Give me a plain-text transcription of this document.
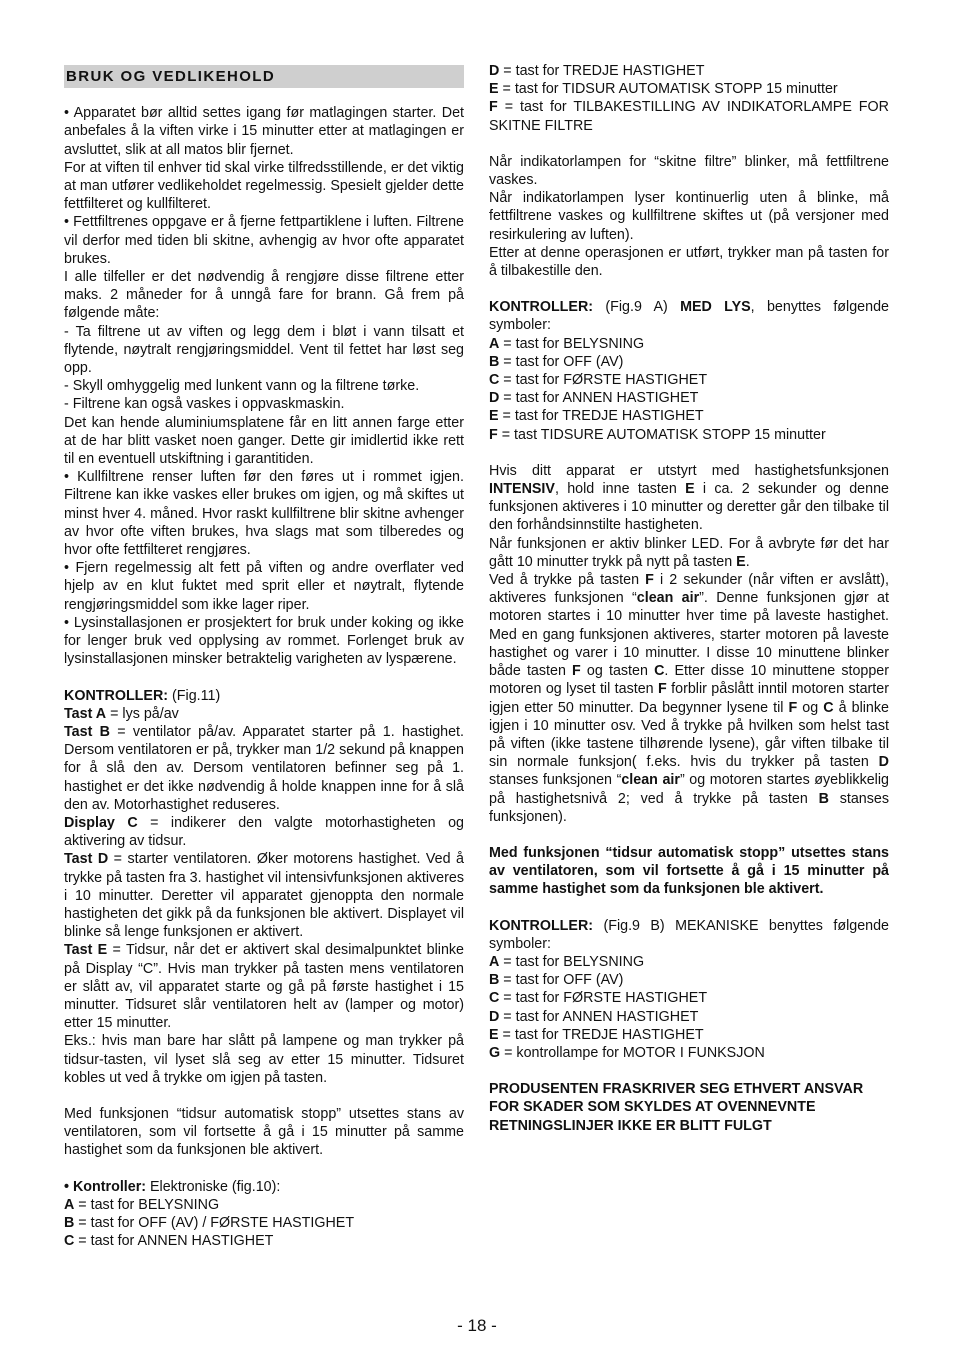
BRUK OG VEDLIKEHOLD

• Apparatet bør alltid settes igang før matlagingen starter. Det anbefales å la viften virke i 15 minutter etter at matlagingen er avsluttet, slik at all matos blir fjernet.

For at viften til enhver tid skal virke tilfredsstillende, er det viktig at man utfører vedlikeholdet regelmessig. Spesielt gjelder dette fettfilteret og kullfilteret.

• Fettfiltrenes oppgave er å fjerne fettpartiklene i luften. Filtrene vil derfor med tiden bli skitne, avhengig av hvor ofte apparatet brukes.

I alle tilfeller er det nødvendig å rengjøre disse filtrene etter maks. 2 måneder for å unngå fare for brann. Gå frem på følgende måte:

- Ta filtrene ut av viften og legg dem i bløt i vann tilsatt et flytende, nøytralt rengjøringsmiddel. Vent til fettet har løst seg opp.

- Skyll omhyggelig med lunkent vann og la filtrene tørke.

- Filtrene kan også vaskes i oppvaskmaskin.

Det kan hende aluminiumsplatene får en litt annen farge etter at de har blitt vasket noen ganger. Dette gir imidlertid ikke rett til en eventuell utskiftning i garantitiden.

• Kullfiltrene renser luften før den føres ut i rommet igjen. Filtrene kan ikke vaskes eller brukes om igjen, og må skiftes ut minst hver 4. måned. Hvor raskt kullfiltrene blir skitne avhenger av hvor ofte viften brukes, hva slags mat som tilberedes og hvor ofte fettfilteret rengjøres.

• Fjern regelmessig alt fett på viften og andre overflater ved hjelp av en klut fuktet med sprit eller et nøytralt, flytende rengjøringsmiddel som ikke lager riper.

• Lysinstallasjonen er prosjektert for bruk under koking og ikke for lenger bruk ved opplysing av rommet. Forlenget bruk av lysinstallasjonen minsker betraktelig varigheten av lyspærene.

KONTROLLER: (Fig.11)

Tast A = lys på/av

Tast B = ventilator på/av. Apparatet starter på 1. hastighet. Dersom ventilatoren er på, trykker man 1/2 sekund på knappen for å slå den av. Dersom ventilatoren befinner seg på 1. hastighet er det ikke nødvendig å holde knappen inne for å slå den av. Motorhastighet reduseres.

Display C = indikerer den valgte motorhastigheten og aktivering av tidsur.

Tast D = starter ventilatoren. Øker motorens hastighet. Ved å trykke på tasten fra 3. hastighet vil intensivfunksjonen aktiveres i 10 minutter. Deretter vil apparatet gjenoppta den normale hastigheten det gikk på da funksjonen ble aktivert. Displayet vil blinke så lenge funksjonen er aktivert.

Tast E = Tidsur, når det er aktivert skal desimalpunktet blinke på Display “C”. Hvis man trykker på tasten mens ventilatoren er slått av, vil apparatet starte og gå på første hastighet i 15 minutter. Tidsuret slår ventilatoren helt av (lamper og motor) etter 15 minutter.

Eks.: hvis man bare har slått på lampene og man trykker på tidsur-tasten, vil lyset slå seg av etter 15 minutter. Tidsuret kobles ut ved å trykke om igjen på tasten.

Med funksjonen “tidsur automatisk stopp” utsettes stans av ventilatoren, som vil fortsette å gå i 15 minutter på samme hastighet som da funksjonen ble aktivert.

• Kontroller: Elektroniske (fig.10):

A = tast for BELYSNING

B = tast for OFF (AV) / FØRSTE HASTIGHET

C = tast for ANNEN HASTIGHET

D = tast for TREDJE HASTIGHET

E = tast for TIDSUR AUTOMATISK STOPP 15 minutter

F = tast for TILBAKESTILLING AV INDIKATORLAMPE FOR SKITNE FILTRE

Når indikatorlampen for “skitne filtre” blinker, må fettfiltrene vaskes.

Når indikatorlampen lyser kontinuerlig uten å blinke, må fettfiltrene vaskes og kullfiltrene skiftes ut (på versjoner med resirkulering av luften).

Etter at denne operasjonen er utført, trykker man på tasten for å tilbakestille den.

KONTROLLER: (Fig.9 A) MED LYS, benyttes følgende symboler:

A = tast for BELYSNING

B = tast for OFF (AV)

C = tast for FØRSTE HASTIGHET

D = tast for ANNEN HASTIGHET

E = tast for TREDJE HASTIGHET

F = tast TIDSURE AUTOMATISK STOPP 15 minutter

Hvis ditt apparat er utstyrt med hastighetsfunksjonen INTENSIV, hold inne tasten E i ca. 2 sekunder og denne funksjonen aktiveres i 10 minutter og deretter går den tilbake til den forhåndsinnstilte hastigheten.

Når funksjonen er aktiv blinker LED. For å avbryte før det har gått 10 minutter trykk på nytt på tasten E.

Ved å trykke på tasten F i 2 sekunder (når viften er avslått), aktiveres funksjonen “clean air”. Denne funksjonen gjør at motoren startes i 10 minutter hver time på laveste hastighet. Med en gang funksjonen aktiveres, starter motoren på laveste hastighet og varer i 10 minutter. I disse 10 minuttene blinker både tasten F og tasten C. Etter disse 10 minuttene stopper motoren og lyset til tasten F forblir påslått inntil motoren starter igjen etter 50 minutter. Da begynner lysene til F og C å blinke igjen i 10 minutter osv. Ved å trykke på hvilken som helst tast på viften (ikke tastene tilhørende lysene), går viften tilbake til sin normale funksjon( f.eks. hvis du trykker på tasten D stanses funksjonen “clean air” og motoren startes øyeblikkelig på hastighetsnivå 2; ved å trykke på tasten B stanses funksjonen).

Med funksjonen “tidsur automatisk stopp” utsettes stans av ventilatoren, som vil fortsette å gå i 15 minutter på samme hastighet som da funksjonen ble aktivert.

KONTROLLER: (Fig.9 B) MEKANISKE benyttes følgende symboler:

A = tast for BELYSNING

B = tast for OFF (AV)

C = tast for FØRSTE HASTIGHET

D = tast for ANNEN HASTIGHET

E = tast for TREDJE HASTIGHET

G = kontrollampe for MOTOR I FUNKSJON

PRODUSENTEN FRASKRIVER SEG ETHVERT ANSVAR FOR SKADER SOM SKYLDES AT OVENNEVNTE RETNINGSLINJER IKKE ER BLITT FULGT

- 18 -
